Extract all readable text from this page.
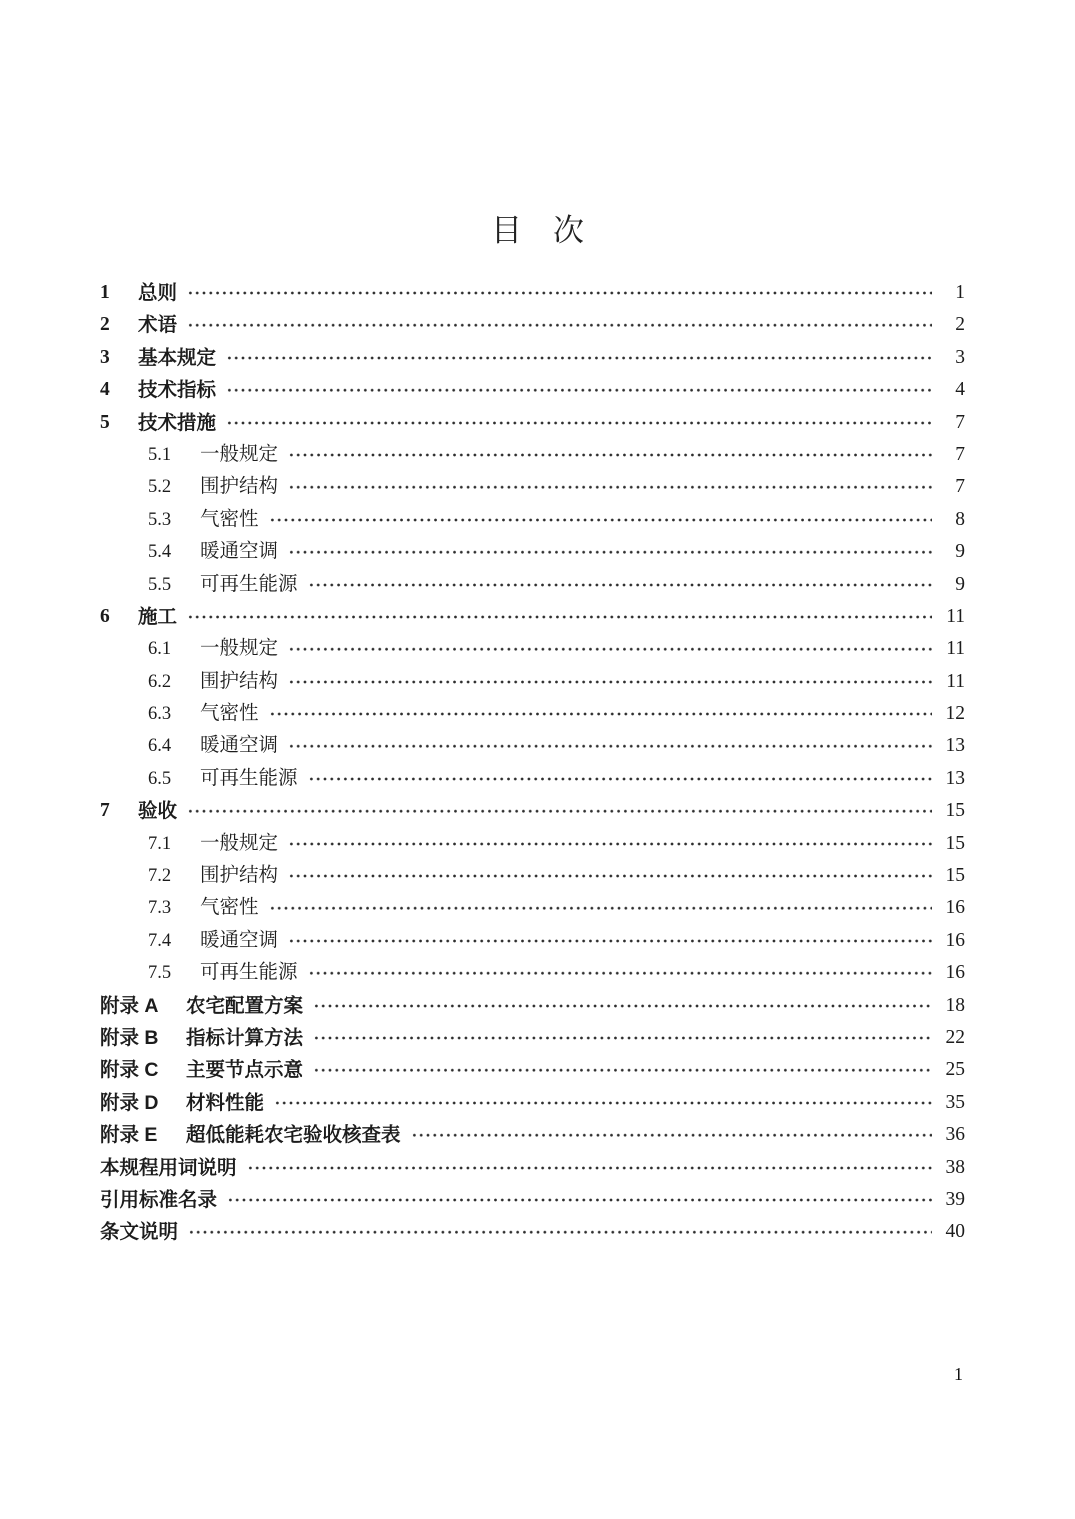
目　次
1	总则	1
2	术语	2
3	基本规定	3
4	技术指标	4
5	技术措施	7
5.1	一般规定	7
5.2	围护结构	7
5.3	气密性	8
5.4	暖通空调	9
5.5	可再生能源	9
6	施工	11
6.1	一般规定	11
6.2	围护结构	11
6.3	气密性	12
6.4	暖通空调	13
6.5	可再生能源	13
7	验收	15
7.1	一般规定	15
7.2	围护结构	15
7.3	气密性	16
7.4	暖通空调	16
7.5	可再生能源	16
附录 A	农宅配置方案	18
附录 B	指标计算方法	22
附录 C	主要节点示意	25
附录 D	材料性能	35
附录 E	超低能耗农宅验收核查表	36
本规程用词说明	38
引用标准名录	39
条文说明	40
1
